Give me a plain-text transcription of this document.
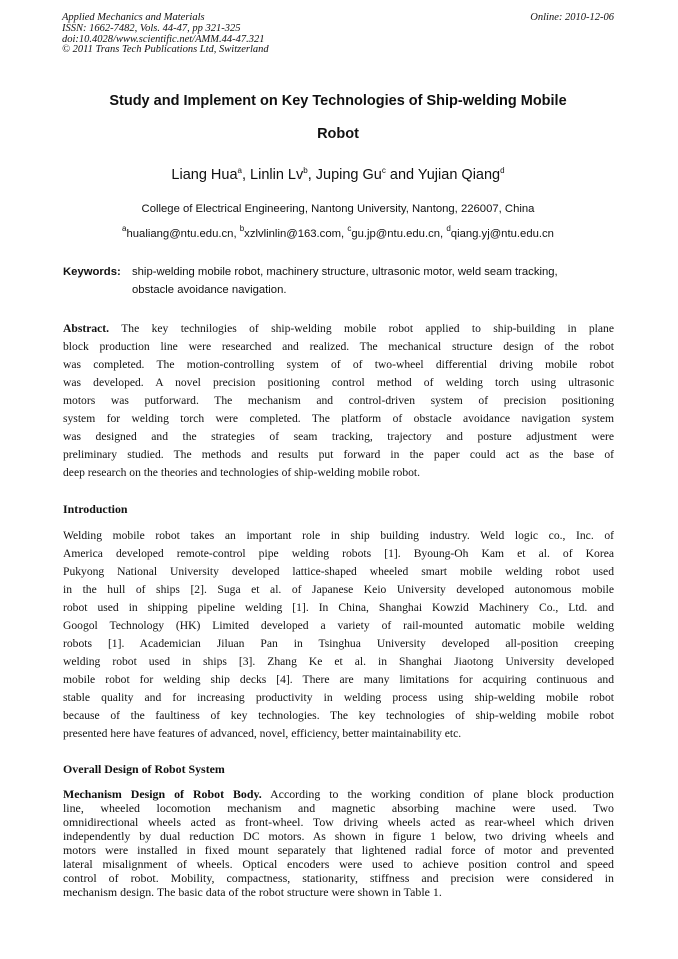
Applied Mechanics and Materials
ISSN: 1662-7482, Vols. 44-47, pp 321-325
doi:10.4028/www.scientific.net/AMM.44-47.321
© 2011 Trans Tech Publications Ltd, Switzerland
Online: 2010-12-06
Study and Implement on Key Technologies of Ship-welding Mobile
Robot
Liang Hua$^a$, Linlin Lv$^b$, Juping Gu$^c$ and Yujian Qiang$^d$
College of Electrical Engineering, Nantong University, Nantong, 226007, China
$^a$hualiang@ntu.edu.cn, $^b$xzlvlinlin@163.com, $^c$gu.jp@ntu.edu.cn, $^d$qiang.yj@ntu.edu.cn
Keywords: ship-welding mobile robot, machinery structure, ultrasonic motor, weld seam tracking,
obstacle avoidance navigation.
Abstract. The key technilogies of ship-welding mobile robot applied to ship-building in plane
block production line were researched and realized. The mechanical structure design of the robot
was completed. The motion-controlling system of of two-wheel differential driving mobile robot
was developed. A novel precision positioning control method of welding torch using ultrasonic
motors was putforward. The mechanism and control-driven system of precision positioning
system for welding torch were completed. The platform of obstacle avoidance navigation system
was designed and the strategies of seam tracking, trajectory and posture adjustment were
preliminary studied. The methods and results put forward in the paper could act as the base of
deep research on the theories and technologies of ship-welding mobile robot.
Introduction
Welding mobile robot takes an important role in ship building industry. Weld logic co., Inc. of
America developed remote-control pipe welding robots [1]. Byoung-Oh Kam et al. of Korea
Pukyong National University developed lattice-shaped wheeled smart mobile welding robot used
in the hull of ships [2]. Suga et al. of Japanese Keio University developed autonomous mobile
robot used in shipping pipeline welding [1]. In China, Shanghai Kowzid Machinery Co., Ltd. and
Googol Technology (HK) Limited developed a variety of rail-mounted automatic mobile welding
robots [1]. Academician Jiluan Pan in Tsinghua University developed all-position creeping
welding robot used in ships [3]. Zhang Ke et al. in Shanghai Jiaotong University developed
mobile robot for welding ship decks [4]. There are many limitations for acquiring continuous and
stable quality and for increasing productivity in welding process using ship-welding mobile robot
because of the faultiness of key technologies. The key technologies of ship-welding mobile robot
presented here have features of advanced, novel, efficiency, better maintainability etc.
Overall Design of Robot System
Mechanism Design of Robot Body. According to the working condition of plane block production
line, wheeled locomotion mechanism and magnetic absorbing machine were used. Two
omnidirectional wheels acted as front-wheel. Tow driving wheels acted as rear-wheel which driven
independently by dual reduction DC motors. As shown in figure 1 below, two driving wheels and
motors were installed in fixed mount separately that lightened radial force of motor and prevented
lateral misalignment of wheels. Optical encoders were used to achieve position control and speed
control of robot. Mobility, compactness, stationarity, stiffness and precision were considered in
mechanism design. The basic data of the robot structure were shown in Table 1.
